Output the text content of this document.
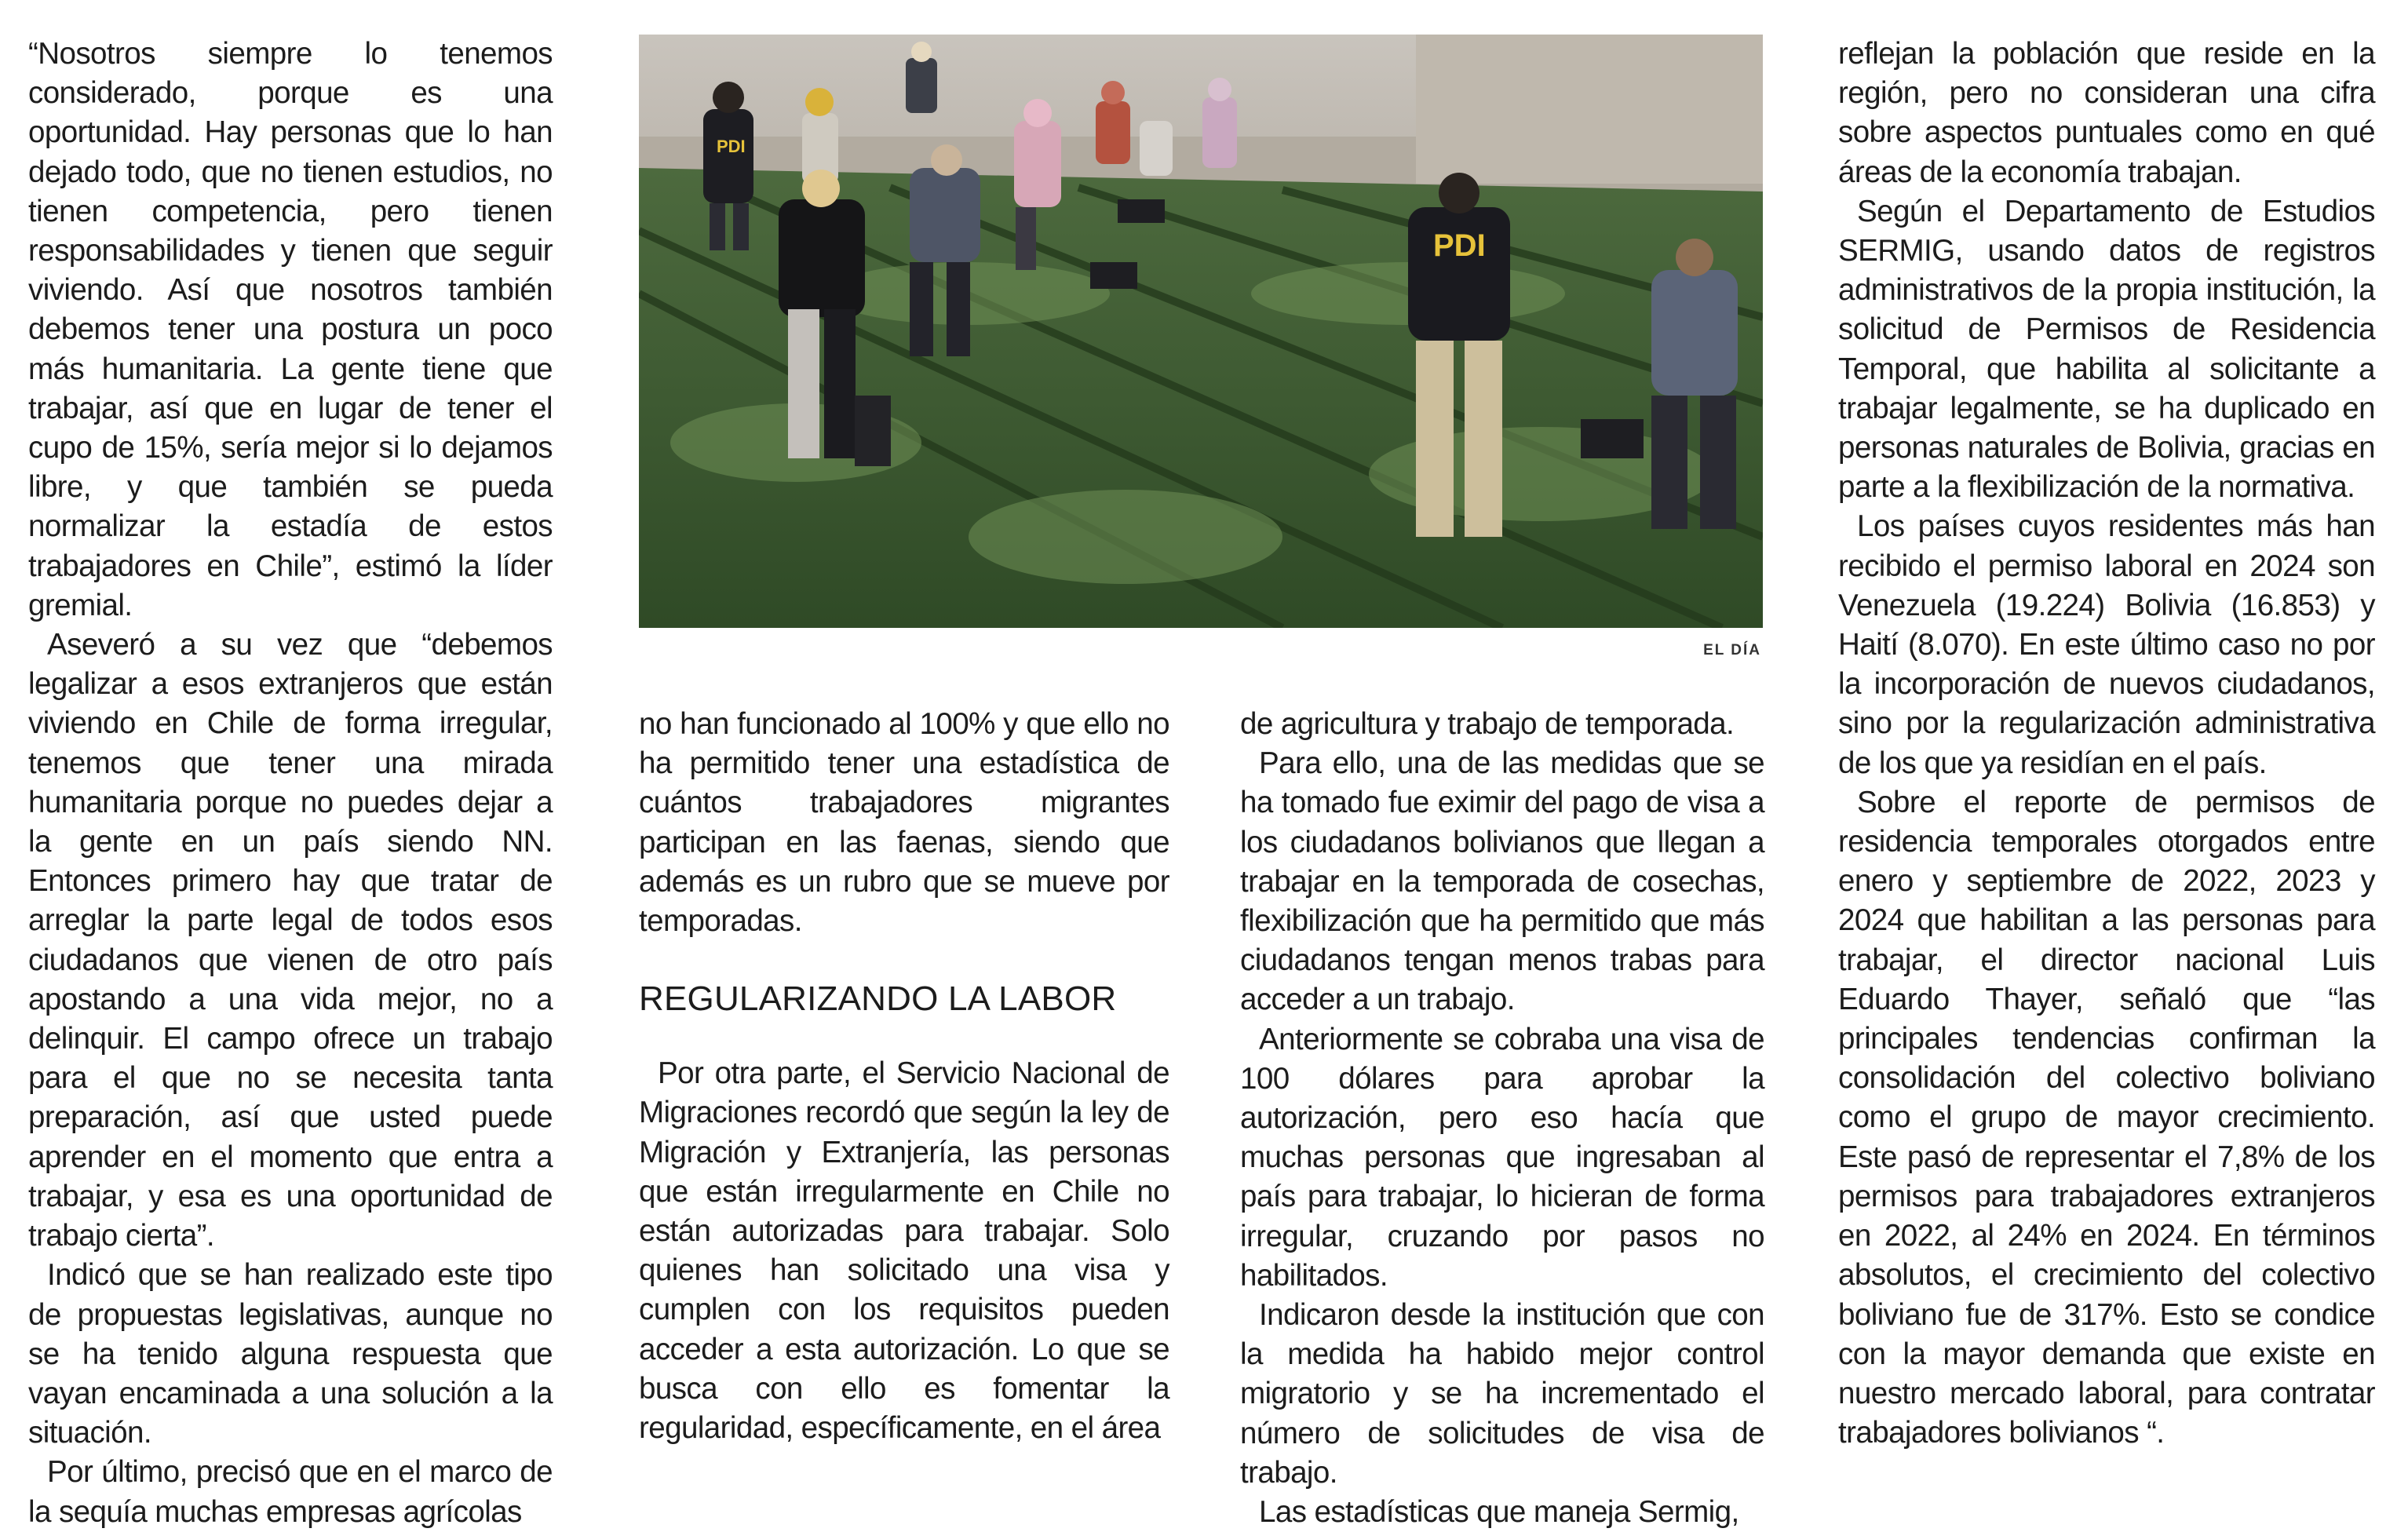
“Nosotros siempre lo tenemos considerado, porque es una oportunidad. Hay personas que lo han dejado todo, que no tienen estudios, no tienen competencia, pero tienen responsabilidades y tienen que seguir viviendo. Así que nosotros también debemos tener una postura un poco más humanitaria. La gente tiene que trabajar, así que en lugar de tener el cupo de 15%, sería mejor si lo dejamos libre, y que también se pueda normalizar la estadía de estos trabajadores en Chile”, estimó la líder gremial.

Aseveró a su vez que “debemos legalizar a esos extranjeros que están viviendo en Chile de forma irregular, tenemos que tener una mirada humanitaria porque no puedes dejar a la gente en un país siendo NN. Entonces primero hay que tratar de arreglar la parte legal de todos esos ciudadanos que vienen de otro país apostando a una vida mejor, no a delinquir. El campo ofrece un trabajo para el que no se necesita tanta preparación, así que usted puede aprender en el momento que entra a trabajar, y esa es una oportunidad de trabajo cierta”.

Indicó que se han realizado este tipo de propuestas legislativas, aunque no se ha tenido alguna respuesta que vayan encaminada a una solución a la situación.

Por último, precisó que en el marco de la sequía muchas empresas agrícolas

PDI
PDI
EL DÍA

no han funcionado al 100% y que ello no ha permitido tener una estadística de cuántos trabajadores migrantes participan en las faenas, siendo que además es un rubro que se mueve por temporadas.

REGULARIZANDO LA LABOR

Por otra parte, el Servicio Nacional de Migraciones recordó que según la ley de Migración y Extranjería, las personas que están irregularmente en Chile no están autorizadas para trabajar. Solo quienes han solicitado una visa y cumplen con los requisitos pueden acceder a esta autorización. Lo que se busca con ello es fomentar la regularidad, específicamente, en el área

de agricultura y trabajo de temporada.

Para ello, una de las medidas que se ha tomado fue eximir del pago de visa a los ciudadanos bolivianos que llegan a trabajar en la temporada de cosechas, flexibilización que ha permitido que más ciudadanos tengan menos trabas para acceder a un trabajo.

Anteriormente se cobraba una visa de 100 dólares para aprobar la autorización, pero eso hacía que muchas personas que ingresaban al país para trabajar, lo hicieran de forma irregular, cruzando por pasos no habilitados.

Indicaron desde la institución que con la medida ha habido mejor control migratorio y se ha incrementado el número de solicitudes de visa de trabajo.

Las estadísticas que maneja Sermig,

reflejan la población que reside en la región, pero no consideran una cifra sobre aspectos puntuales como en qué áreas de la economía trabajan.

Según el Departamento de Estudios SERMIG, usando datos de registros administrativos de la propia institución, la solicitud de Permisos de Residencia Temporal, que habilita al solicitante a trabajar legalmente, se ha duplicado en personas naturales de Bolivia, gracias en parte a la flexibilización de la normativa.

Los países cuyos residentes más han recibido el permiso laboral en 2024 son Venezuela (19.224) Bolivia (16.853) y Haití (8.070). En este último caso no por la incorporación de nuevos ciudadanos, sino por la regularización administrativa de los que ya residían en el país.

Sobre el reporte de permisos de residencia temporales otorgados entre enero y septiembre de 2022, 2023 y 2024 que habilitan a las personas para trabajar, el director nacional Luis Eduardo Thayer, señaló que “las principales tendencias confirman la consolidación del colectivo boliviano como el grupo de mayor crecimiento. Este pasó de representar el 7,8% de los permisos para trabajadores extranjeros en 2022, al 24% en 2024. En términos absolutos, el crecimiento del colectivo boliviano fue de 317%. Esto se condice con la mayor demanda que existe en nuestro mercado laboral, para contratar trabajadores bolivianos “.
